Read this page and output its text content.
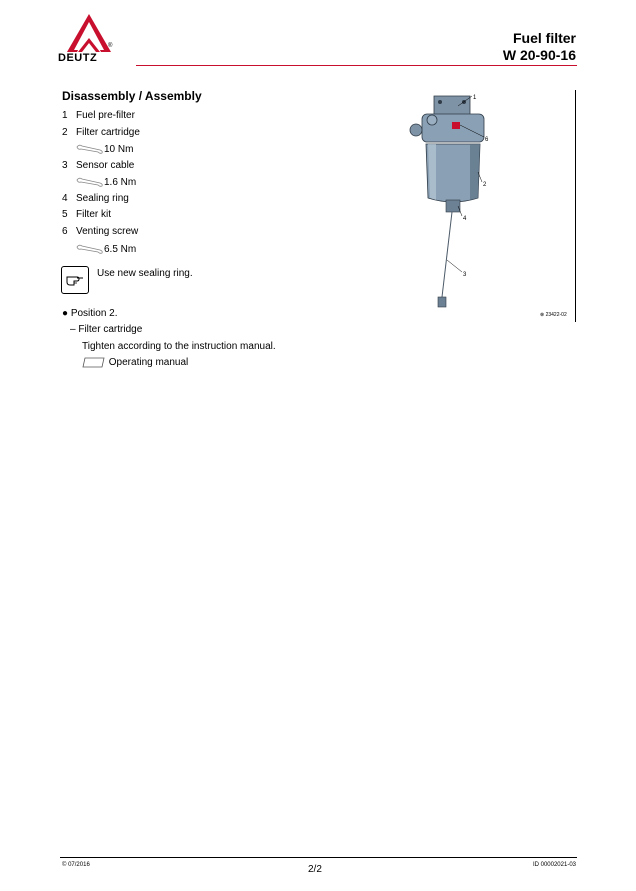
DEUTZ
®	Fuel filter
W 20-90-16
Disassembly / Assembly
1 Fuel pre-filter
2 Filter cartridge
10 Nm
3 Sensor cable
1.6 Nm
4 Sealing ring
5 Filter kit
6 Venting screw
6.5 Nm
Use new sealing ring.
● Position 2.
– Filter cartridge
Tighten according to the instruction manual.
Operating manual
1
6
2
4
3
⊗ 23422-02
© 07/2016	2/2	ID 00002021-03
